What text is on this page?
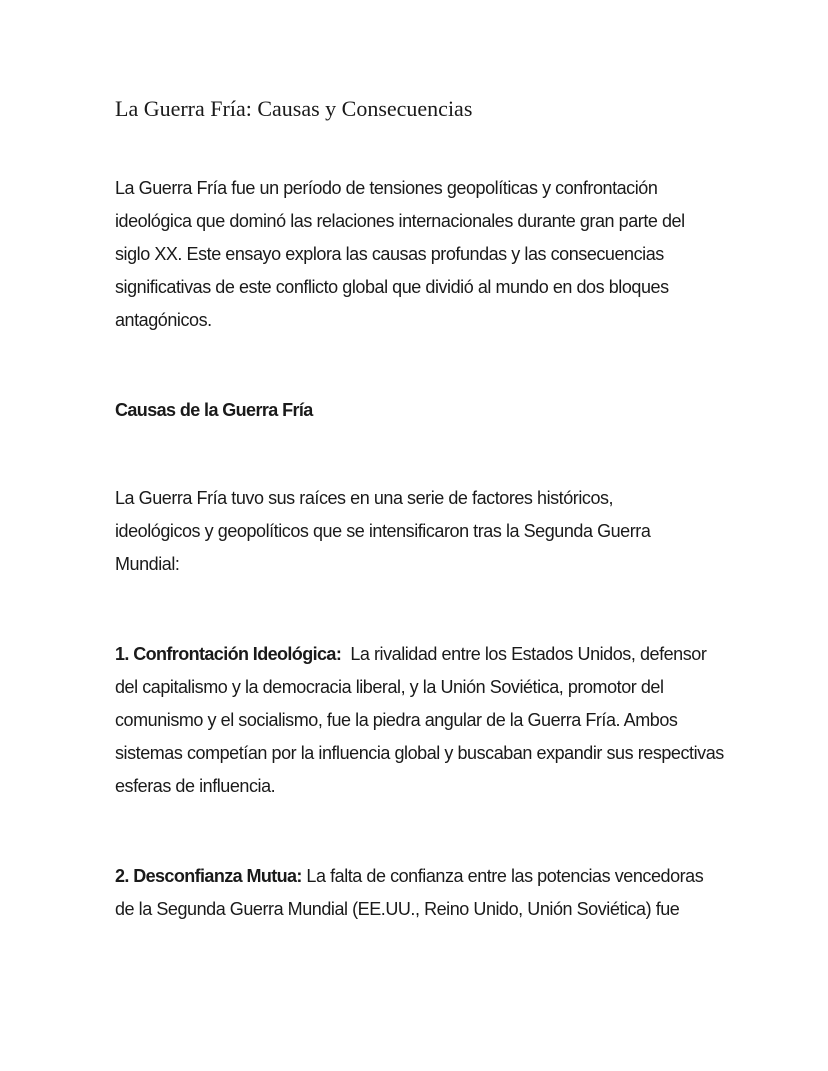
La Guerra Fría: Causas y Consecuencias

La Guerra Fría fue un período de tensiones geopolíticas y confrontación ideológica que dominó las relaciones internacionales durante gran parte del siglo XX. Este ensayo explora las causas profundas y las consecuencias significativas de este conflicto global que dividió al mundo en dos bloques antagónicos.

Causas de la Guerra Fría

La Guerra Fría tuvo sus raíces en una serie de factores históricos, ideológicos y geopolíticos que se intensificaron tras la Segunda Guerra Mundial:

1. Confrontación Ideológica: La rivalidad entre los Estados Unidos, defensor del capitalismo y la democracia liberal, y la Unión Soviética, promotor del comunismo y el socialismo, fue la piedra angular de la Guerra Fría. Ambos sistemas competían por la influencia global y buscaban expandir sus respectivas esferas de influencia.

2. Desconfianza Mutua: La falta de confianza entre las potencias vencedoras de la Segunda Guerra Mundial (EE.UU., Reino Unido, Unión Soviética) fue
